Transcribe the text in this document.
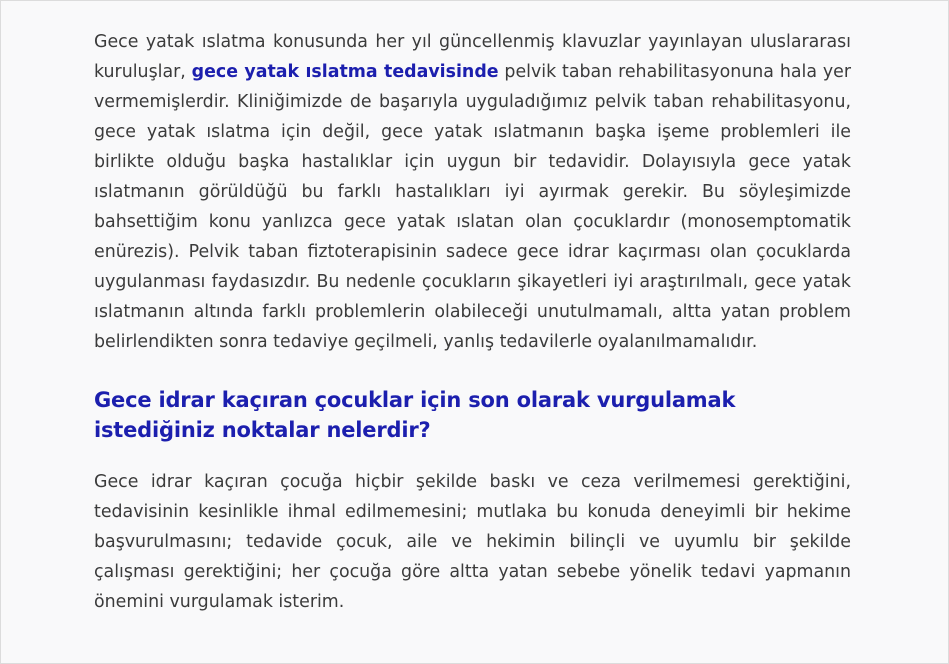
Gece yatak ıslatma konusunda her yıl güncellenmiş klavuzlar yayınlayan uluslararası kuruluşlar, gece yatak ıslatma tedavisinde pelvik taban rehabilitasyonuna hala yer vermemişlerdir. Kliniğimizde de başarıyla uyguladığımız pelvik taban rehabilitasyonu, gece yatak ıslatma için değil, gece yatak ıslatmanın başka işeme problemleri ile birlikte olduğu başka hastalıklar için uygun bir tedavidir. Dolayısıyla gece yatak ıslatmanın görüldüğü bu farklı hastalıkları iyi ayırmak gerekir. Bu söyleşimizde bahsettiğim konu yanlızca gece yatak ıslatan olan çocuklardır (monosemptomatik enürezis). Pelvik taban fiztoterapisinin sadece gece idrar kaçırması olan çocuklarda uygulanması faydasızdır. Bu nedenle çocukların şikayetleri iyi araştırılmalı, gece yatak ıslatmanın altında farklı problemlerin olabileceği unutulmamalı, altta yatan problem belirlendikten sonra tedaviye geçilmeli, yanlış tedavilerle oyalanılmamalıdır.

Gece idrar kaçıran çocuklar için son olarak vurgulamak istediğiniz noktalar nelerdir?

Gece idrar kaçıran çocuğa hiçbir şekilde baskı ve ceza verilmemesi gerektiğini, tedavisinin kesinlikle ihmal edilmemesini; mutlaka bu konuda deneyimli bir hekime başvurulmasını; tedavide çocuk, aile ve hekimin bilinçli ve uyumlu bir şekilde çalışması gerektiğini; her çocuğa göre altta yatan sebebe yönelik tedavi yapmanın önemini vurgulamak isterim.
